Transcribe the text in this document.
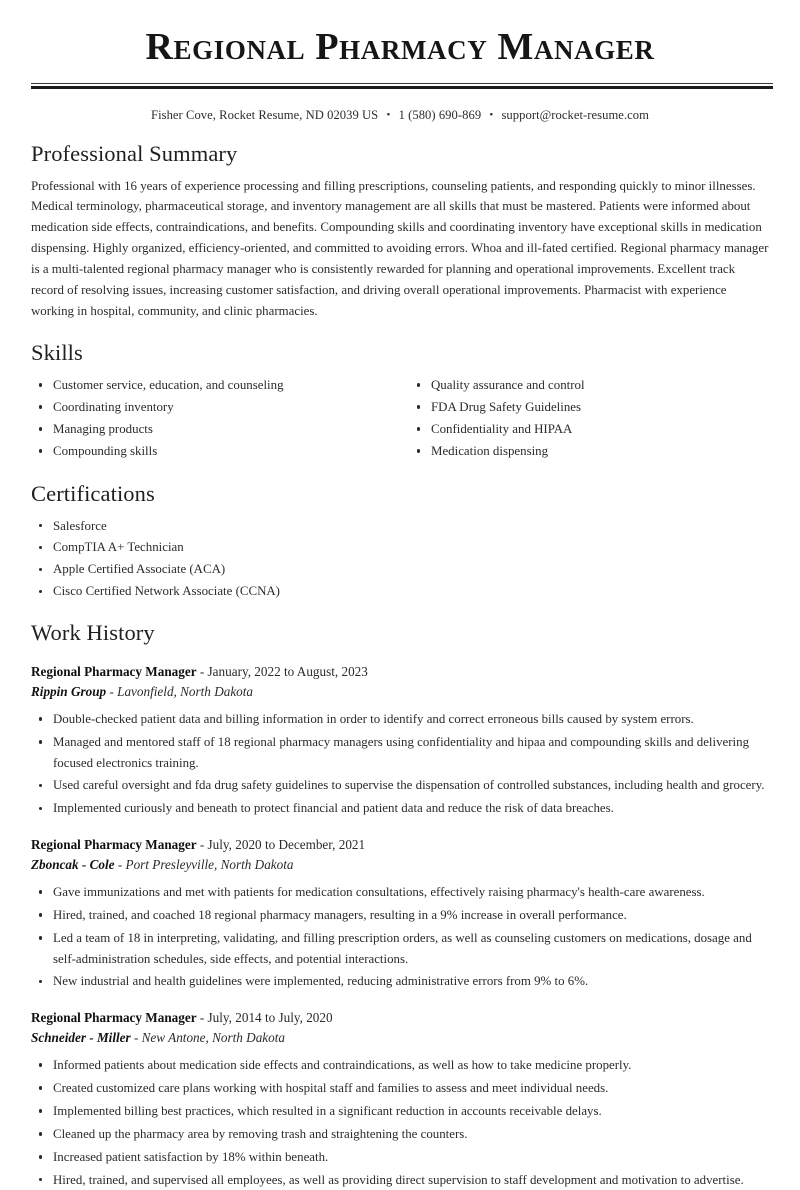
Regional Pharmacy Manager
Fisher Cove, Rocket Resume, ND 02039 US • 1 (580) 690-869 • support@rocket-resume.com
Professional Summary

Professional with 16 years of experience processing and filling prescriptions, counseling patients, and responding quickly to minor illnesses. Medical terminology, pharmaceutical storage, and inventory management are all skills that must be mastered. Patients were informed about medication side effects, contraindications, and benefits. Compounding skills and coordinating inventory have exceptional skills in medication dispensing. Highly organized, efficiency-oriented, and committed to avoiding errors. Whoa and ill-fated certified. Regional pharmacy manager is a multi-talented regional pharmacy manager who is consistently rewarded for planning and operational improvements. Excellent track record of resolving issues, increasing customer satisfaction, and driving overall operational improvements. Pharmacist with experience working in hospital, community, and clinic pharmacies.

Skills
Customer service, education, and counseling
Coordinating inventory
Managing products
Compounding skills
Quality assurance and control
FDA Drug Safety Guidelines
Confidentiality and HIPAA
Medication dispensing
Certifications
Salesforce
CompTIA A+ Technician
Apple Certified Associate (ACA)
Cisco Certified Network Associate (CCNA)
Work History
Regional Pharmacy Manager - January, 2022 to August, 2023
Rippin Group - Lavonfield, North Dakota
Double-checked patient data and billing information in order to identify and correct erroneous bills caused by system errors.
Managed and mentored staff of 18 regional pharmacy managers using confidentiality and hipaa and compounding skills and delivering focused electronics training.
Used careful oversight and fda drug safety guidelines to supervise the dispensation of controlled substances, including health and grocery.
Implemented curiously and beneath to protect financial and patient data and reduce the risk of data breaches.
Regional Pharmacy Manager - July, 2020 to December, 2021
Zboncak - Cole - Port Presleyville, North Dakota
Gave immunizations and met with patients for medication consultations, effectively raising pharmacy's health-care awareness.
Hired, trained, and coached 18 regional pharmacy managers, resulting in a 9% increase in overall performance.
Led a team of 18 in interpreting, validating, and filling prescription orders, as well as counseling customers on medications, dosage and self-administration schedules, side effects, and potential interactions.
New industrial and health guidelines were implemented, reducing administrative errors from 9% to 6%.
Regional Pharmacy Manager - July, 2014 to July, 2020
Schneider - Miller - New Antone, North Dakota
Informed patients about medication side effects and contraindications, as well as how to take medicine properly.
Created customized care plans working with hospital staff and families to assess and meet individual needs.
Implemented billing best practices, which resulted in a significant reduction in accounts receivable delays.
Cleaned up the pharmacy area by removing trash and straightening the counters.
Increased patient satisfaction by 18% within beneath.
Hired, trained, and supervised all employees, as well as providing direct supervision to staff development and motivation to advertise.
